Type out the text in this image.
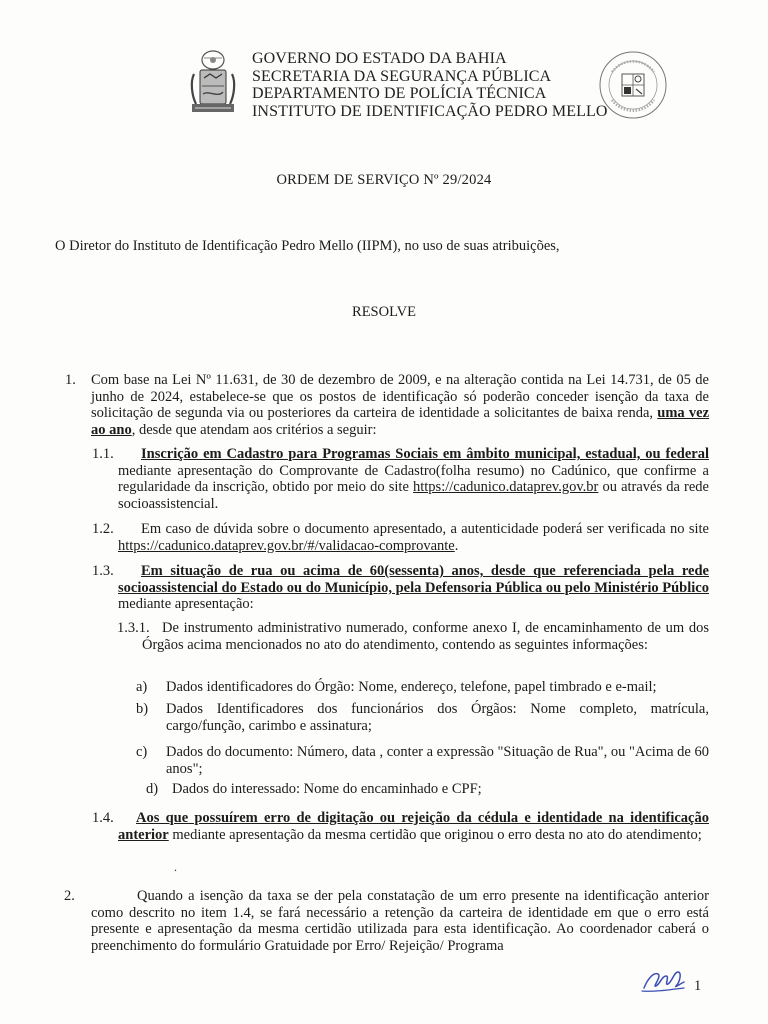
GOVERNO DO ESTADO DA BAHIA
SECRETARIA DA SEGURANÇA PÚBLICA
DEPARTAMENTO DE POLÍCIA TÉCNICA
INSTITUTO DE IDENTIFICAÇÃO PEDRO MELLO
ORDEM DE SERVIÇO Nº 29/2024
O Diretor do Instituto de Identificação Pedro Mello (IIPM), no uso de suas atribuições,
RESOLVE
1. Com base na Lei Nº 11.631, de 30 de dezembro de 2009, e na alteração contida na Lei 14.731, de 05 de junho de 2024, estabelece-se que os postos de identificação só poderão conceder isenção da taxa de solicitação de segunda via ou posteriores da carteira de identidade a solicitantes de baixa renda, uma vez ao ano, desde que atendam aos critérios a seguir:
1.1.	Inscrição em Cadastro para Programas Sociais em âmbito municipal, estadual, ou federal mediante apresentação do Comprovante de Cadastro(folha resumo) no Cadúnico, que confirme a regularidade da inscrição, obtido por meio do site https://cadunico.dataprev.gov.br ou através da rede socioassistencial.
1.2.	Em caso de dúvida sobre o documento apresentado, a autenticidade poderá ser verificada no site https://cadunico.dataprev.gov.br/#/validacao-comprovante.
1.3.	Em situação de rua ou acima de 60(sessenta) anos, desde que referenciada pela rede socioassistencial do Estado ou do Município, pela Defensoria Pública ou pelo Ministério Público mediante apresentação:
1.3.1. De instrumento administrativo numerado, conforme anexo I, de encaminhamento de um dos Órgãos acima mencionados no ato do atendimento, contendo as seguintes informações:
a) Dados identificadores do Órgão: Nome, endereço, telefone, papel timbrado e e-mail;
b) Dados Identificadores dos funcionários dos Órgãos: Nome completo, matrícula, cargo/função, carimbo e assinatura;
c) Dados do documento: Número, data , conter a expressão "Situação de Rua", ou "Acima de 60 anos";
d) Dados do interessado: Nome do encaminhado e CPF;
1.4.	Aos que possuírem erro de digitação ou rejeição da cédula e identidade na identificação anterior mediante apresentação da mesma certidão que originou o erro desta no ato do atendimento;
.
2.	Quando a isenção da taxa se der pela constatação de um erro presente na identificação anterior como descrito no item 1.4, se fará necessário a retenção da carteira de identidade em que o erro está presente e apresentação da mesma certidão utilizada para esta identificação. Ao coordenador caberá o preenchimento do formulário Gratuidade por Erro/ Rejeição/ Programa
1
